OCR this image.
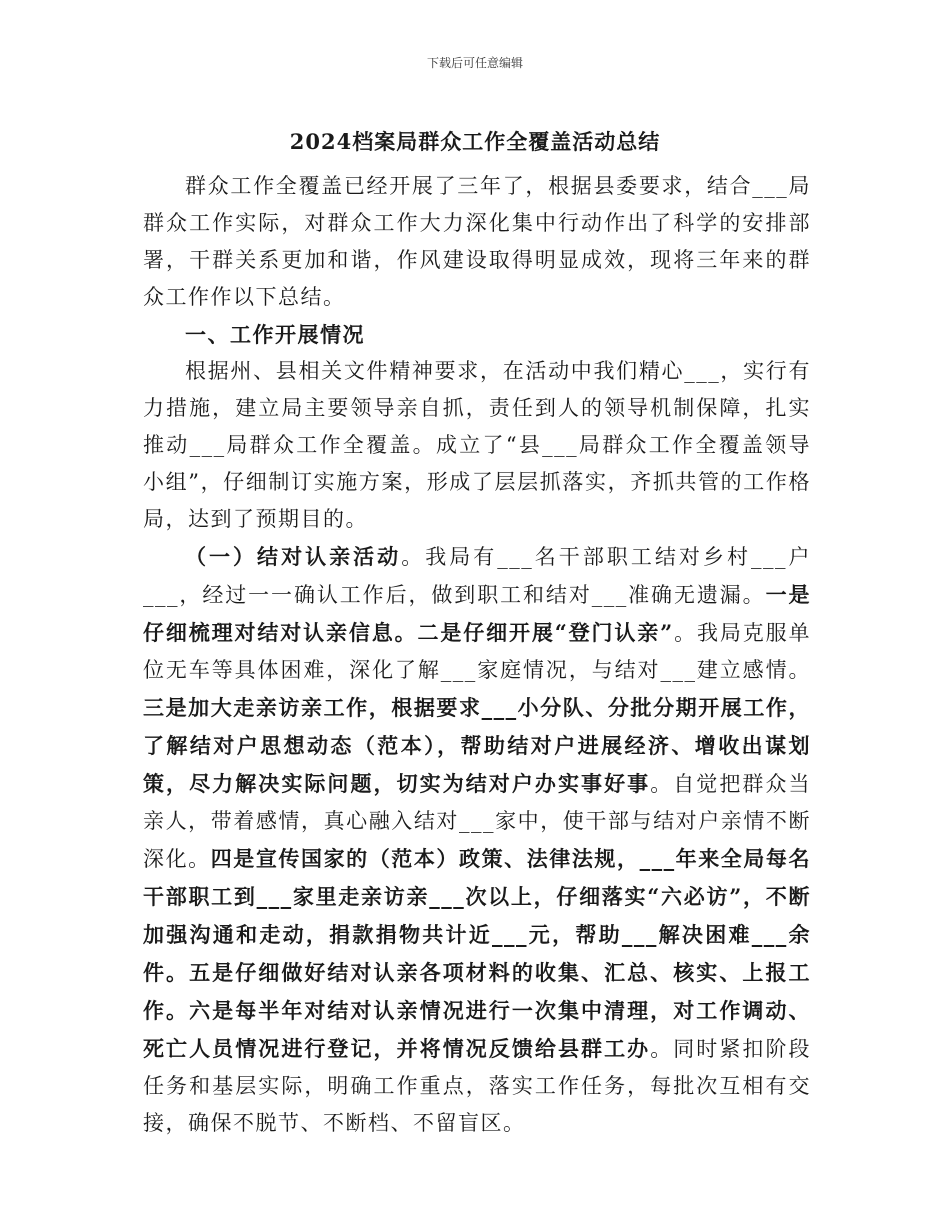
下载后可任意编辑
2024档案局群众工作全覆盖活动总结

群众工作全覆盖已经开展了三年了，根据县委要求，结合___局群众工作实际，对群众工作大力深化集中行动作出了科学的安排部署，干群关系更加和谐，作风建设取得明显成效，现将三年来的群众工作作以下总结。

一、工作开展情况

根据州、县相关文件精神要求，在活动中我们精心___，实行有力措施，建立局主要领导亲自抓，责任到人的领导机制保障，扎实推动___局群众工作全覆盖。成立了“县___局群众工作全覆盖领导小组”，仔细制订实施方案，形成了层层抓落实，齐抓共管的工作格局，达到了预期目的。

（一）结对认亲活动。我局有___名干部职工结对乡村___户___，经过一一确认工作后，做到职工和结对___准确无遗漏。一是仔细梳理对结对认亲信息。二是仔细开展“登门认亲”。我局克服单位无车等具体困难，深化了解___家庭情况，与结对___建立感情。三是加大走亲访亲工作，根据要求___小分队、分批分期开展工作，了解结对户思想动态（范本），帮助结对户进展经济、增收出谋划策，尽力解决实际问题，切实为结对户办实事好事。自觉把群众当亲人，带着感情，真心融入结对___家中，使干部与结对户亲情不断深化。四是宣传国家的（范本）政策、法律法规，___年来全局每名干部职工到___家里走亲访亲___次以上，仔细落实“六必访”，不断加强沟通和走动，捐款捐物共计近___元，帮助___解决困难___余件。五是仔细做好结对认亲各项材料的收集、汇总、核实、上报工作。六是每半年对结对认亲情况进行一次集中清理，对工作调动、死亡人员情况进行登记，并将情况反馈给县群工办。同时紧扣阶段任务和基层实际，明确工作重点，落实工作任务，每批次互相有交接，确保不脱节、不断档、不留盲区。
